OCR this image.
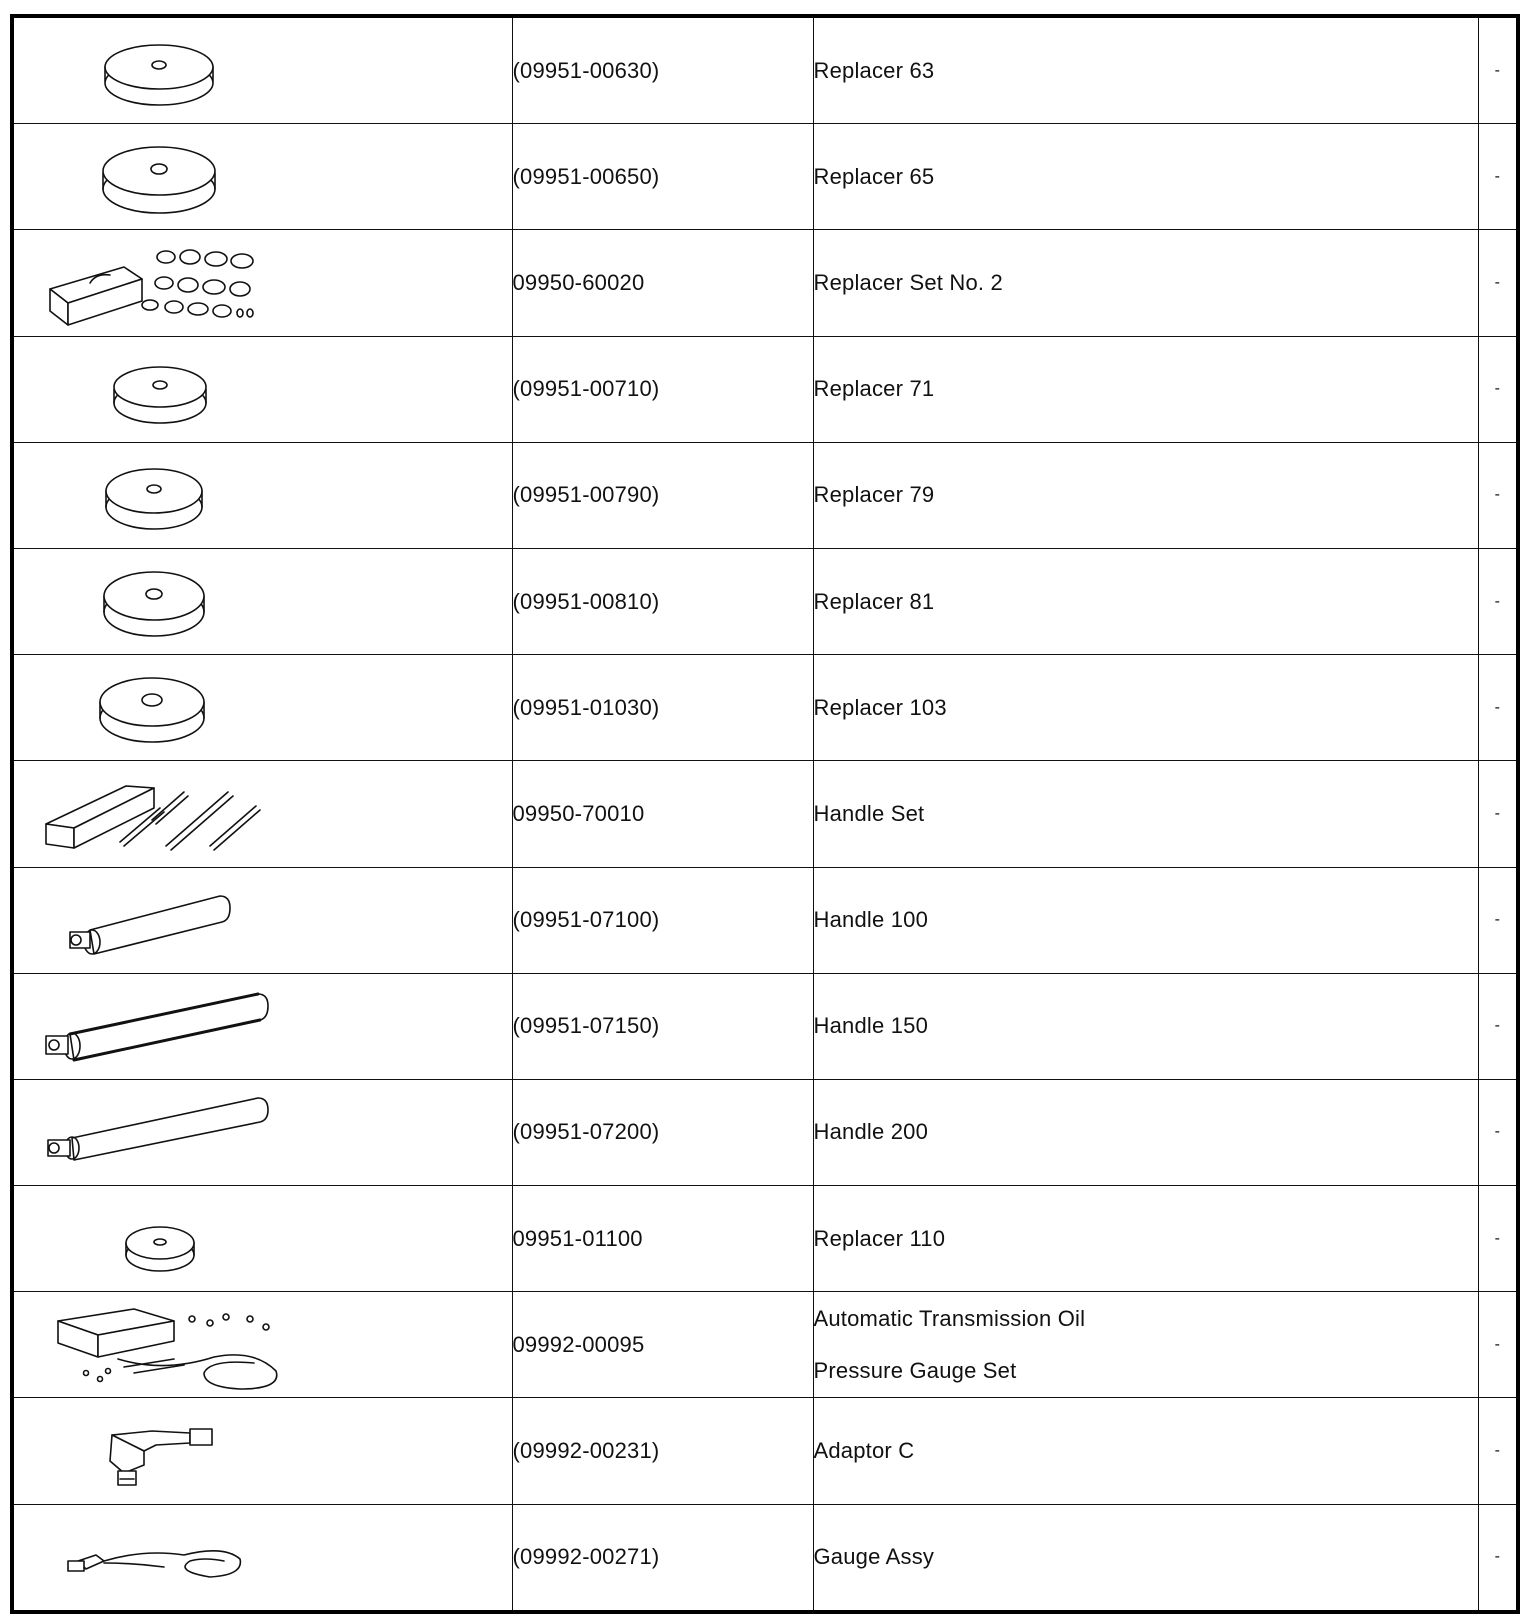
	(09951-00630)	Replacer 63	-

	(09951-00650)	Replacer 65	-

	09950-60020	Replacer Set No. 2	-

	(09951-00710)	Replacer 71	-

	(09951-00790)	Replacer 79	-

	(09951-00810)	Replacer 81	-

	(09951-01030)	Replacer 103	-

	09950-70010	Handle Set	-

	(09951-07100)	Handle 100	-

	(09951-07150)	Handle 150	-

	(09951-07200)	Handle 200	-

	09951-01100	Replacer 110	-

	09992-00095	Automatic Transmission Oil
Pressure Gauge Set	-

	(09992-00231)	Adaptor C	-

	(09992-00271)	Gauge Assy	-
